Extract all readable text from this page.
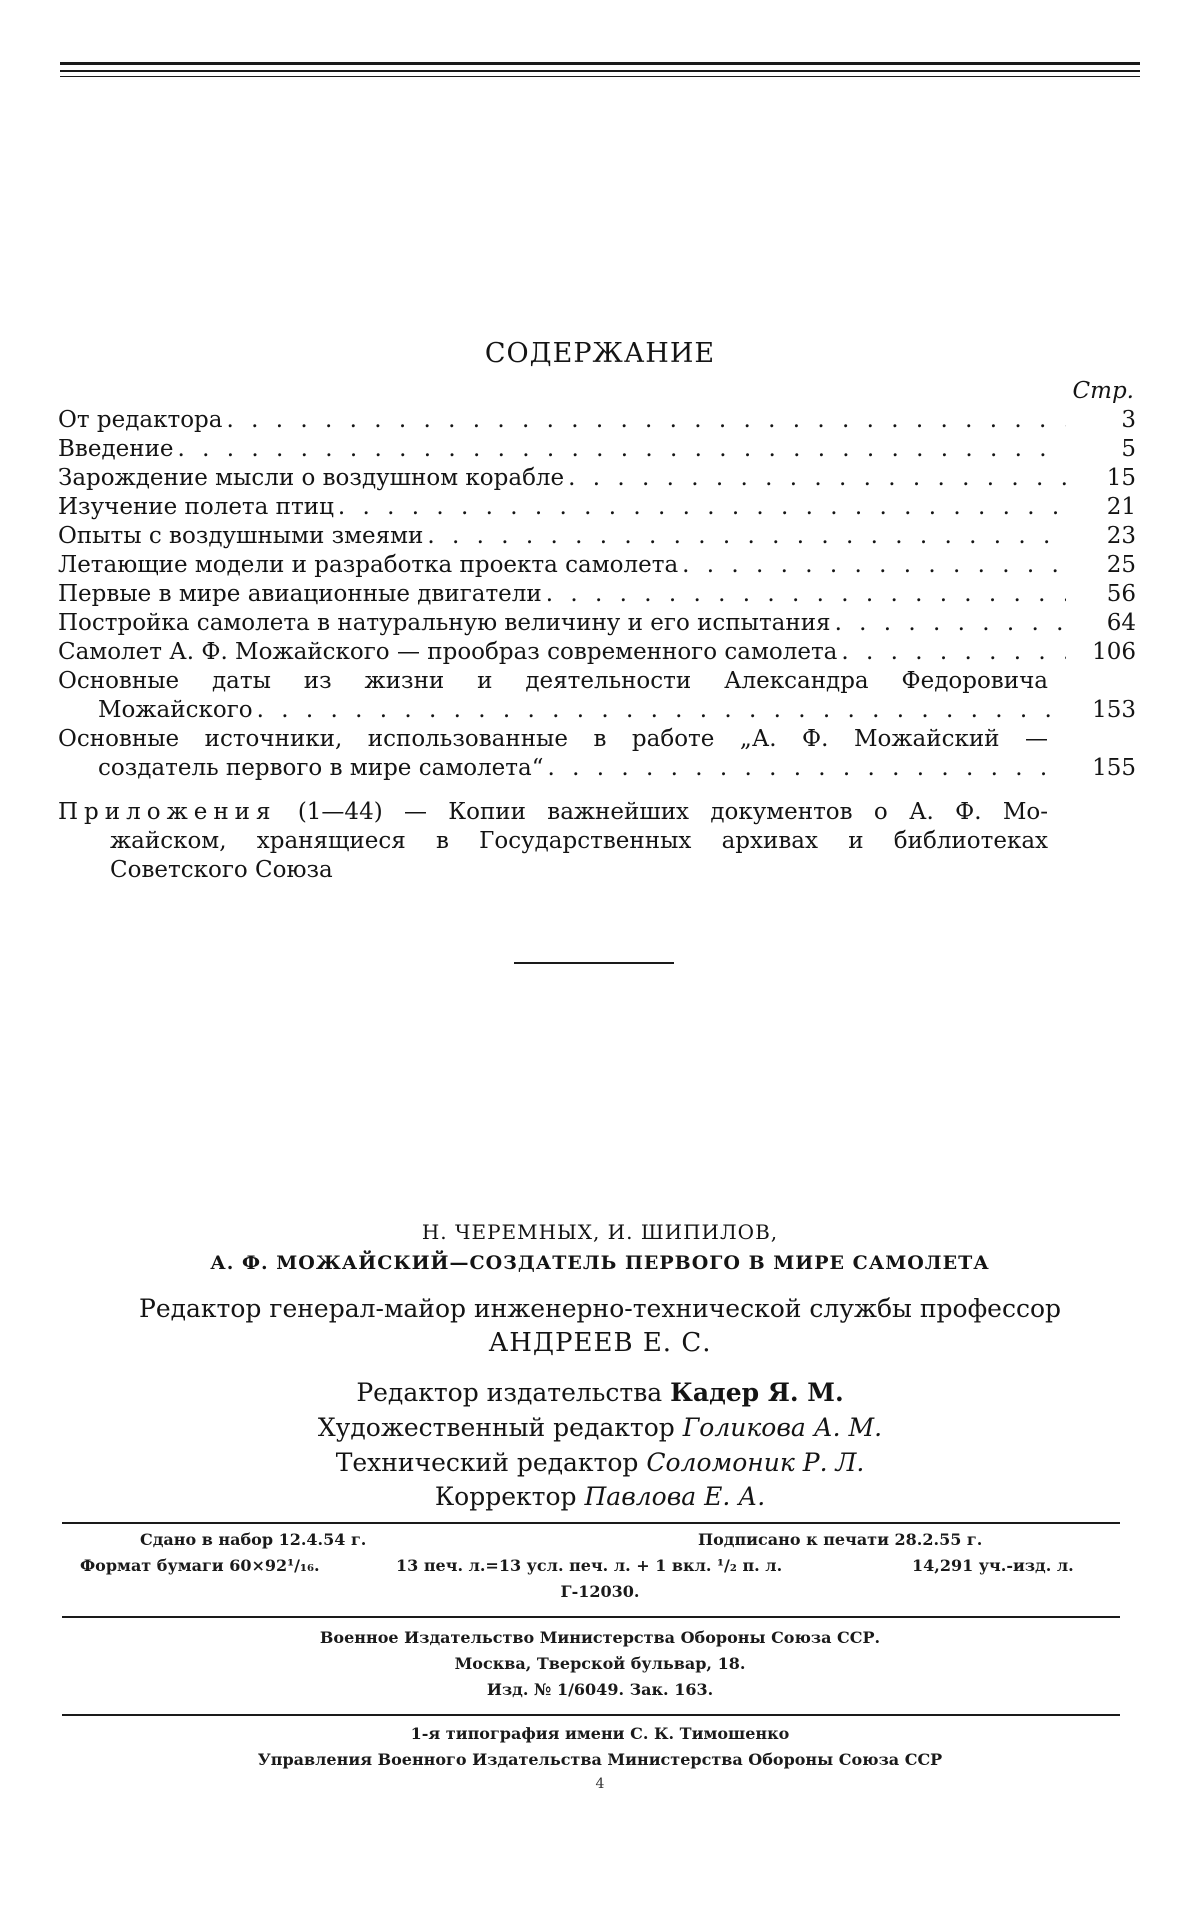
СОДЕРЖАНИЕ
Стр.
От редактора . . .	3
Введение . . .	5
Зарождение мысли о воздушном корабле . . .	15
Изучение полета птиц . . .	21
Опыты с воздушными змеями . . .	23
Летающие модели и разработка проекта самолета . . .	25
Первые в мире авиационные двигатели . . .	56
Постройка самолета в натуральную величину и его испытания . . .	64
Самолет А. Ф. Можайского — прообраз современного самолета . . .	106
Основные даты из жизни и деятельности Александра Федоровича
Можайского . . .	153
Основные источники, использованные в работе „А. Ф. Можайский —
создатель первого в мире самолета“ . . .	155
Приложения (1—44) — Копии важнейших документов о А. Ф. Мо-
жайском, хранящиеся в Государственных архивах и библиотеках
Советского Союза
Н. ЧЕРЕМНЫХ, И. ШИПИЛОВ,
А. Ф. МОЖАЙСКИЙ—СОЗДАТЕЛЬ ПЕРВОГО В МИРЕ САМОЛЕТА
Редактор генерал-майор инженерно-технической службы профессор
АНДРЕЕВ Е. С.
Редактор издательства Кадер Я. М.
Художественный редактор Голикова А. М.
Технический редактор Соломоник Р. Л.
Корректор Павлова Е. А.
Сдано в набор 12.4.54 г.	Подписано к печати 28.2.55 г.
Формат бумаги 60×92¹/₁₆.	13 печ. л.=13 усл. печ. л. + 1 вкл. ¹/₂ п. л.	14,291 уч.-изд. л.
Г-12030.
Военное Издательство Министерства Обороны Союза ССР.
Москва, Тверской бульвар, 18.
Изд. № 1/6049. Зак. 163.
1-я типография имени С. К. Тимошенко
Управления Военного Издательства Министерства Обороны Союза ССР
4
